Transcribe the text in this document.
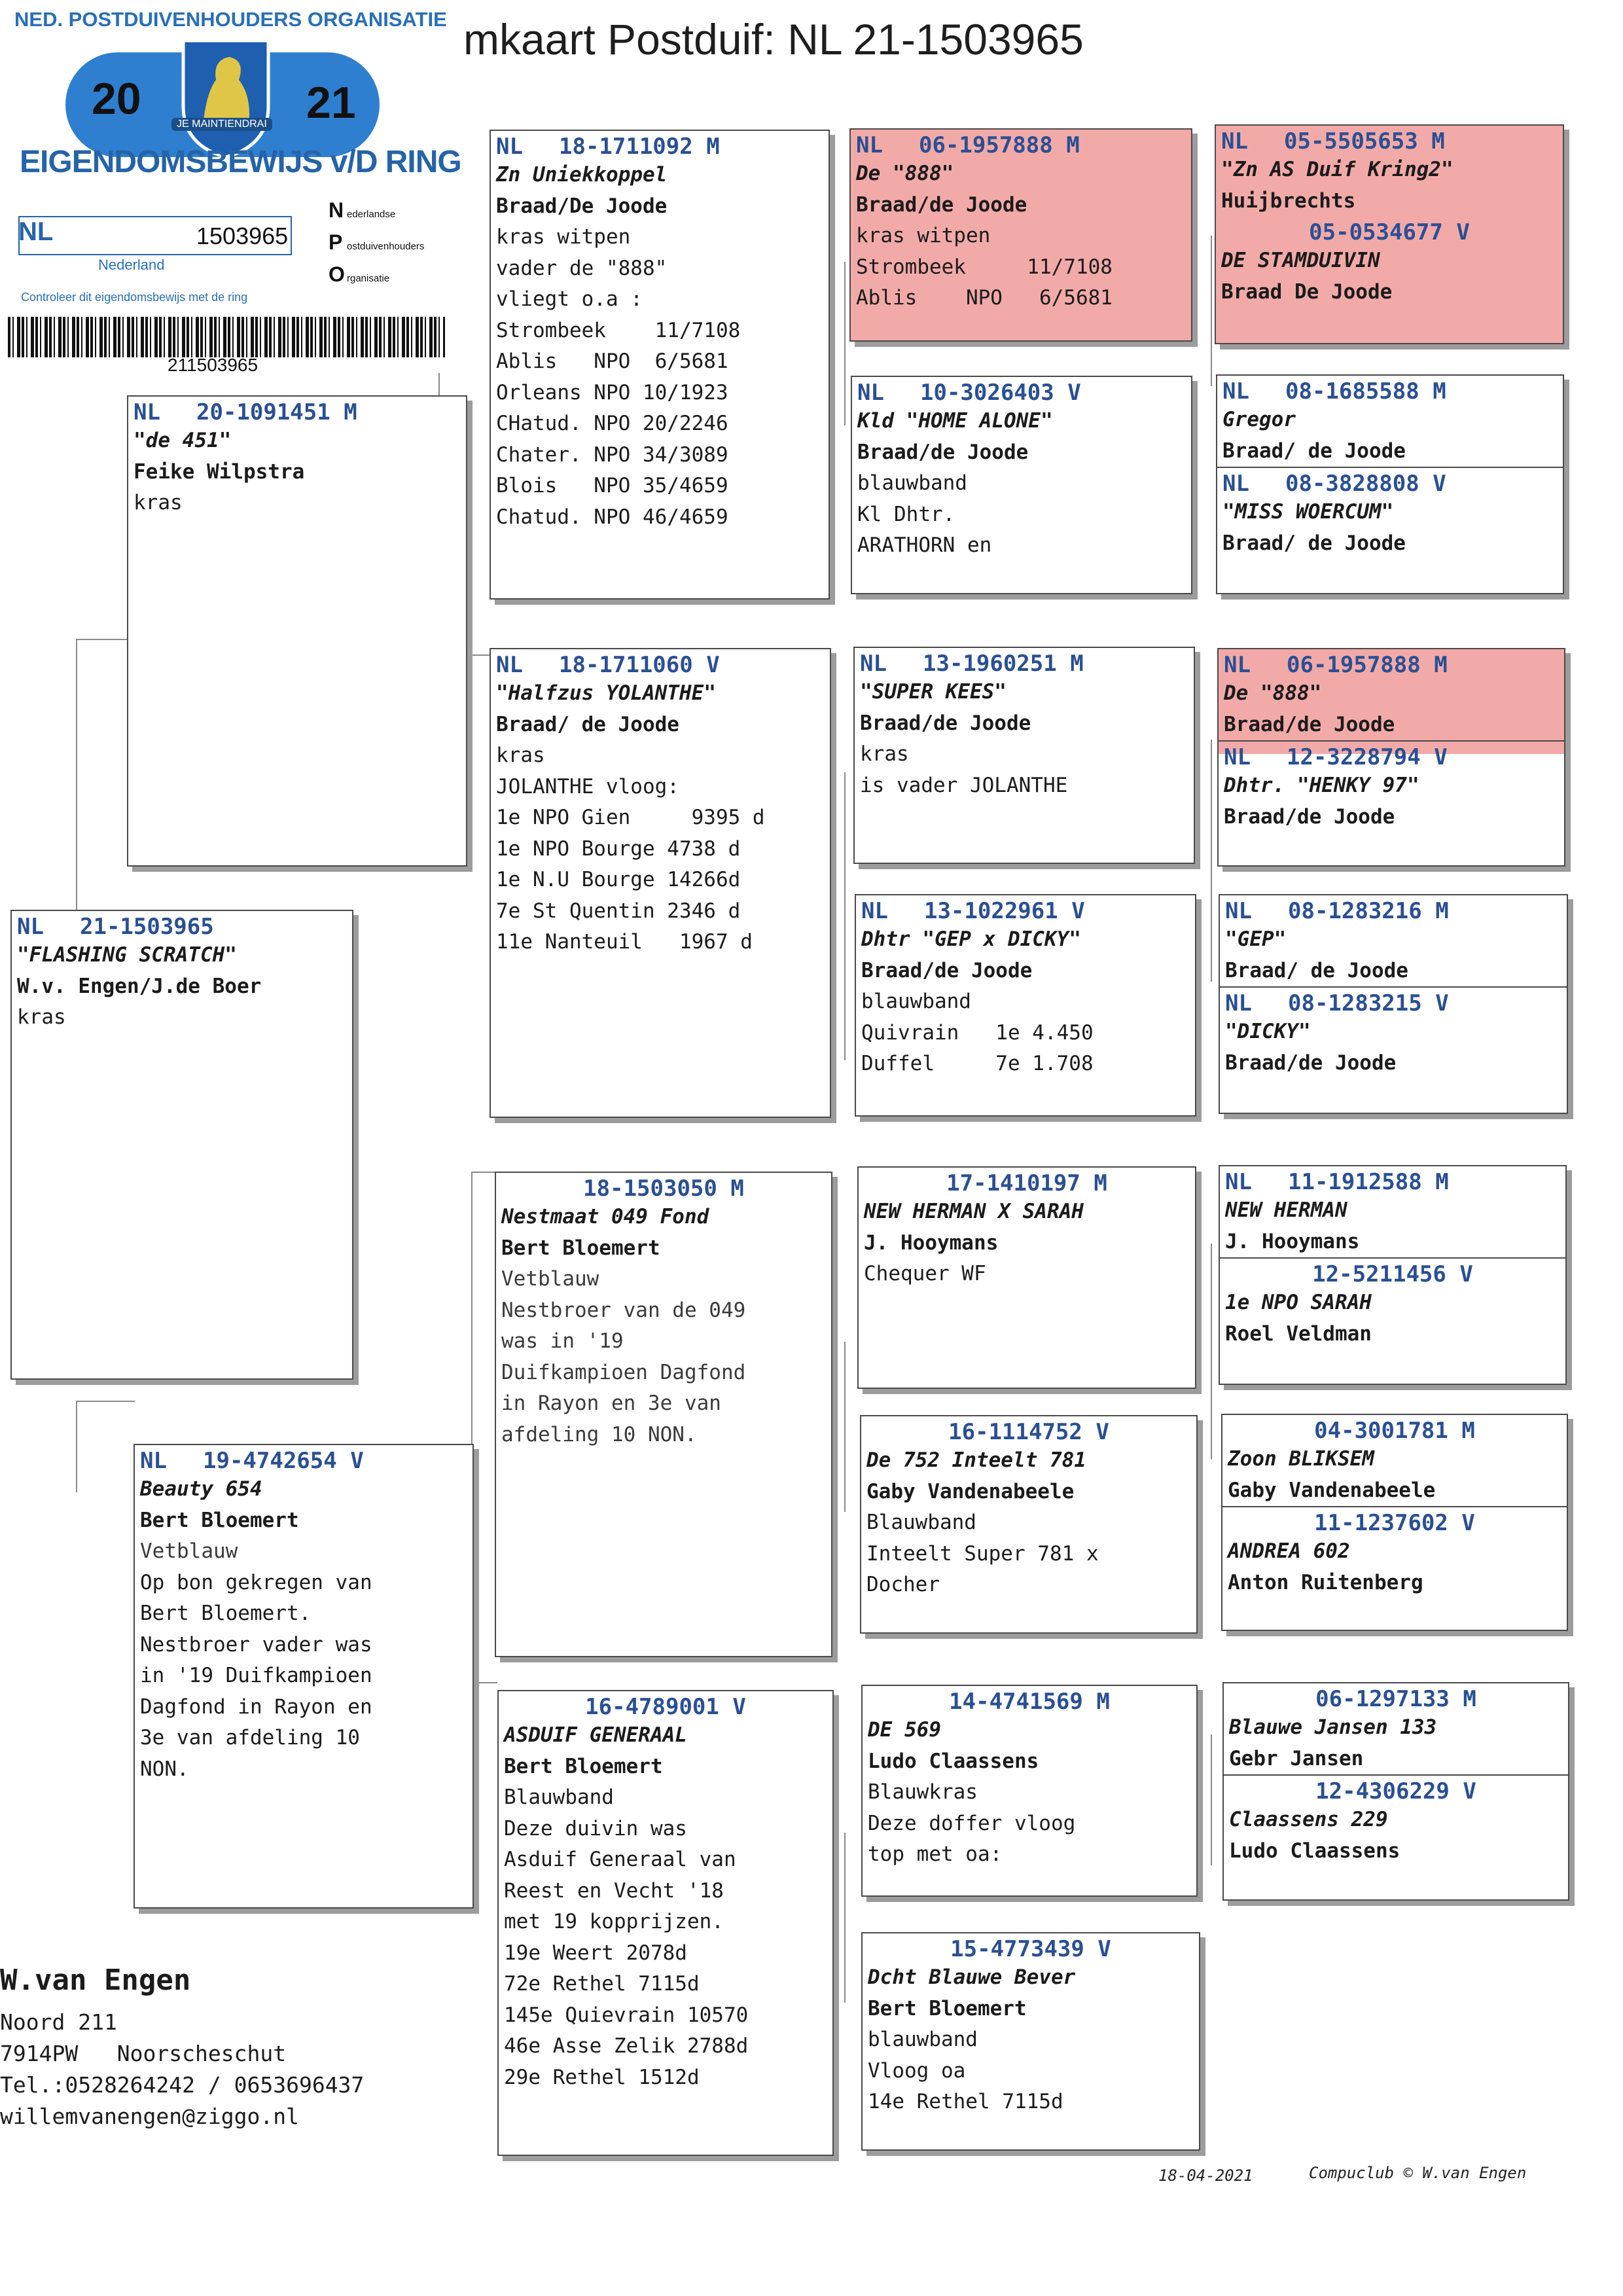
mkaart Postduif: NL 21-1503965
NED. POSTDUIVENHOUDERS ORGANISATIE
20	21
JE MAINTIENDRAI
EIGENDOMSBEWIJS v/D RING
NL	1503965
Nederland
Controleer dit eigendomsbewijs met de ring
Nederlandse
Postduivenhouders
Organisatie
211503965
NL 21-1503965
"FLASHING SCRATCH"
W.v. Engen/J.de Boer
kras
NL 20-1091451 M
"de 451"
Feike Wilpstra
kras
NL 19-4742654 V
Beauty 654
Bert Bloemert
Vetblauw
Op bon gekregen van
Bert Bloemert.
Nestbroer vader was
in '19 Duifkampioen
Dagfond in Rayon en
3e van afdeling 10
NON.
NL 18-1711092 M
Zn Uniekkoppel
Braad/De Joode
kras witpen
vader de "888"
vliegt o.a :
Strombeek    11/7108
Ablis   NPO  6/5681
Orleans NPO 10/1923
CHatud. NPO 20/2246
Chater. NPO 34/3089
Blois   NPO 35/4659
Chatud. NPO 46/4659
NL 18-1711060 V
"Halfzus YOLANTHE"
Braad/ de Joode
kras
JOLANTHE vloog:
1e NPO Gien     9395 d
1e NPO Bourge 4738 d
1e N.U Bourge 14266d
7e St Quentin 2346 d
11e Nanteuil   1967 d
18-1503050 M
Nestmaat 049 Fond
Bert Bloemert
Vetblauw
Nestbroer van de 049
was in '19
Duifkampioen Dagfond
in Rayon en 3e van
afdeling 10 NON.
16-4789001 V
ASDUIF GENERAAL
Bert Bloemert
Blauwband
Deze duivin was
Asduif Generaal van
Reest en Vecht '18
met 19 kopprijzen.
19e Weert 2078d
72e Rethel 7115d
145e Quievrain 10570
46e Asse Zelik 2788d
29e Rethel 1512d
NL 06-1957888 M
De "888"
Braad/de Joode
kras witpen
Strombeek     11/7108
Ablis    NPO   6/5681
NL 10-3026403 V
Kld "HOME ALONE"
Braad/de Joode
blauwband
Kl Dhtr.
ARATHORN en
NL 13-1960251 M
"SUPER KEES"
Braad/de Joode
kras
is vader JOLANTHE
NL 13-1022961 V
Dhtr "GEP x DICKY"
Braad/de Joode
blauwband
Quivrain   1e 4.450
Duffel     7e 1.708
17-1410197 M
NEW HERMAN X SARAH
J. Hooymans
Chequer WF
16-1114752 V
De 752 Inteelt 781
Gaby Vandenabeele
Blauwband
Inteelt Super 781 x
Docher
14-4741569 M
DE 569
Ludo Claassens
Blauwkras
Deze doffer vloog
top met oa:
15-4773439 V
Dcht Blauwe Bever
Bert Bloemert
blauwband
Vloog oa
14e Rethel 7115d
NL 05-5505653 M
"Zn AS Duif Kring2"
Huijbrechts
05-0534677 V
DE STAMDUIVIN
Braad De Joode
NL 08-1685588 M
Gregor
Braad/ de Joode
NL 08-3828808 V
"MISS WOERCUM"
Braad/ de Joode
NL 06-1957888 M
De "888"
Braad/de Joode
NL 12-3228794 V
Dhtr. "HENKY 97"
Braad/de Joode
NL 08-1283216 M
"GEP"
Braad/ de Joode
NL 08-1283215 V
"DICKY"
Braad/de Joode
NL 11-1912588 M
NEW HERMAN
J. Hooymans
12-5211456 V
1e NPO SARAH
Roel Veldman
04-3001781 M
Zoon BLIKSEM
Gaby Vandenabeele
11-1237602 V
ANDREA 602
Anton Ruitenberg
06-1297133 M
Blauwe Jansen 133
Gebr Jansen
12-4306229 V
Claassens 229
Ludo Claassens
W.van Engen
Noord 211
7914PW   Noorscheschut
Tel.:0528264242 / 0653696437
willemvanengen@ziggo.nl
18-04-2021	Compuclub © W.van Engen
